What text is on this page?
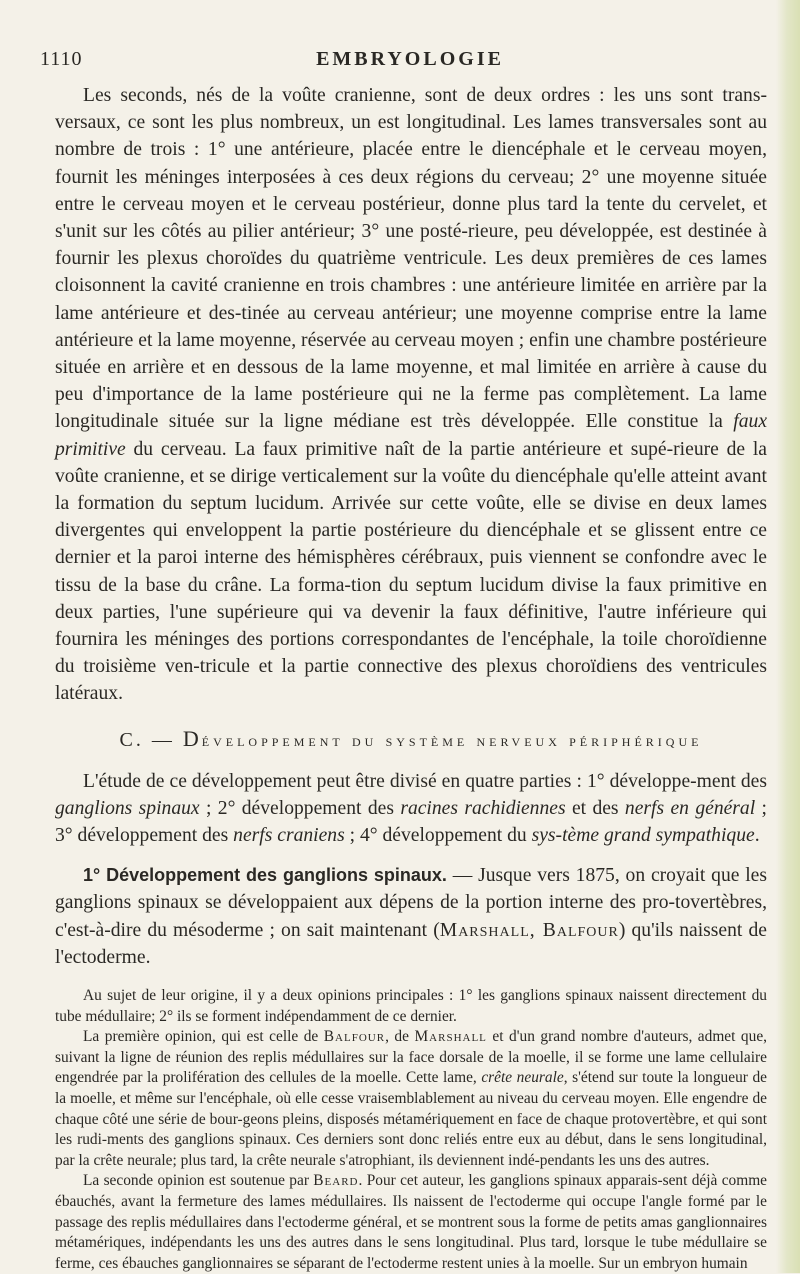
1110	EMBRYOLOGIE

Les seconds, nés de la voûte cranienne, sont de deux ordres : les uns sont trans-versaux, ce sont les plus nombreux, un est longitudinal. Les lames transversales sont au nombre de trois : 1° une antérieure, placée entre le diencéphale et le cerveau moyen, fournit les méninges interposées à ces deux régions du cerveau; 2° une moyenne située entre le cerveau moyen et le cerveau postérieur, donne plus tard la tente du cervelet, et s'unit sur les côtés au pilier antérieur; 3° une posté-rieure, peu développée, est destinée à fournir les plexus choroïdes du quatrième ventricule. Les deux premières de ces lames cloisonnent la cavité cranienne en trois chambres : une antérieure limitée en arrière par la lame antérieure et des-tinée au cerveau antérieur; une moyenne comprise entre la lame antérieure et la lame moyenne, réservée au cerveau moyen ; enfin une chambre postérieure située en arrière et en dessous de la lame moyenne, et mal limitée en arrière à cause du peu d'importance de la lame postérieure qui ne la ferme pas complètement. La lame longitudinale située sur la ligne médiane est très développée. Elle constitue la faux primitive du cerveau. La faux primitive naît de la partie antérieure et supé-rieure de la voûte cranienne, et se dirige verticalement sur la voûte du diencéphale qu'elle atteint avant la formation du septum lucidum. Arrivée sur cette voûte, elle se divise en deux lames divergentes qui enveloppent la partie postérieure du diencéphale et se glissent entre ce dernier et la paroi interne des hémisphères cérébraux, puis viennent se confondre avec le tissu de la base du crâne. La forma-tion du septum lucidum divise la faux primitive en deux parties, l'une supérieure qui va devenir la faux définitive, l'autre inférieure qui fournira les méninges des portions correspondantes de l'encéphale, la toile choroïdienne du troisième ven-tricule et la partie connective des plexus choroïdiens des ventricules latéraux.

C. — Développement du système nerveux périphérique

L'étude de ce développement peut être divisé en quatre parties : 1° développe-ment des ganglions spinaux ; 2° développement des racines rachidiennes et des nerfs en général ; 3° développement des nerfs craniens ; 4° développement du sys-tème grand sympathique.

1° Développement des ganglions spinaux. — Jusque vers 1875, on croyait que les ganglions spinaux se développaient aux dépens de la portion interne des pro-tovertèbres, c'est-à-dire du mésoderme ; on sait maintenant (Marshall, Balfour) qu'ils naissent de l'ectoderme.

Au sujet de leur origine, il y a deux opinions principales : 1° les ganglions spinaux naissent directement du tube médullaire; 2° ils se forment indépendamment de ce dernier.

La première opinion, qui est celle de Balfour, de Marshall et d'un grand nombre d'auteurs, admet que, suivant la ligne de réunion des replis médullaires sur la face dorsale de la moelle, il se forme une lame cellulaire engendrée par la prolifération des cellules de la moelle. Cette lame, crête neurale, s'étend sur toute la longueur de la moelle, et même sur l'encéphale, où elle cesse vraisemblablement au niveau du cerveau moyen. Elle engendre de chaque côté une série de bour-geons pleins, disposés métamériquement en face de chaque protovertèbre, et qui sont les rudi-ments des ganglions spinaux. Ces derniers sont donc reliés entre eux au début, dans le sens longitudinal, par la crête neurale; plus tard, la crête neurale s'atrophiant, ils deviennent indé-pendants les uns des autres.

La seconde opinion est soutenue par Beard. Pour cet auteur, les ganglions spinaux apparais-sent déjà comme ébauchés, avant la fermeture des lames médullaires. Ils naissent de l'ectoderme qui occupe l'angle formé par le passage des replis médullaires dans l'ectoderme général, et se montrent sous la forme de petits amas ganglionnaires métamériques, indépendants les uns des autres dans le sens longitudinal. Plus tard, lorsque le tube médullaire se ferme, ces ébauches ganglionnaires se séparant de l'ectoderme restent unies à la moelle. Sur un embryon humain
